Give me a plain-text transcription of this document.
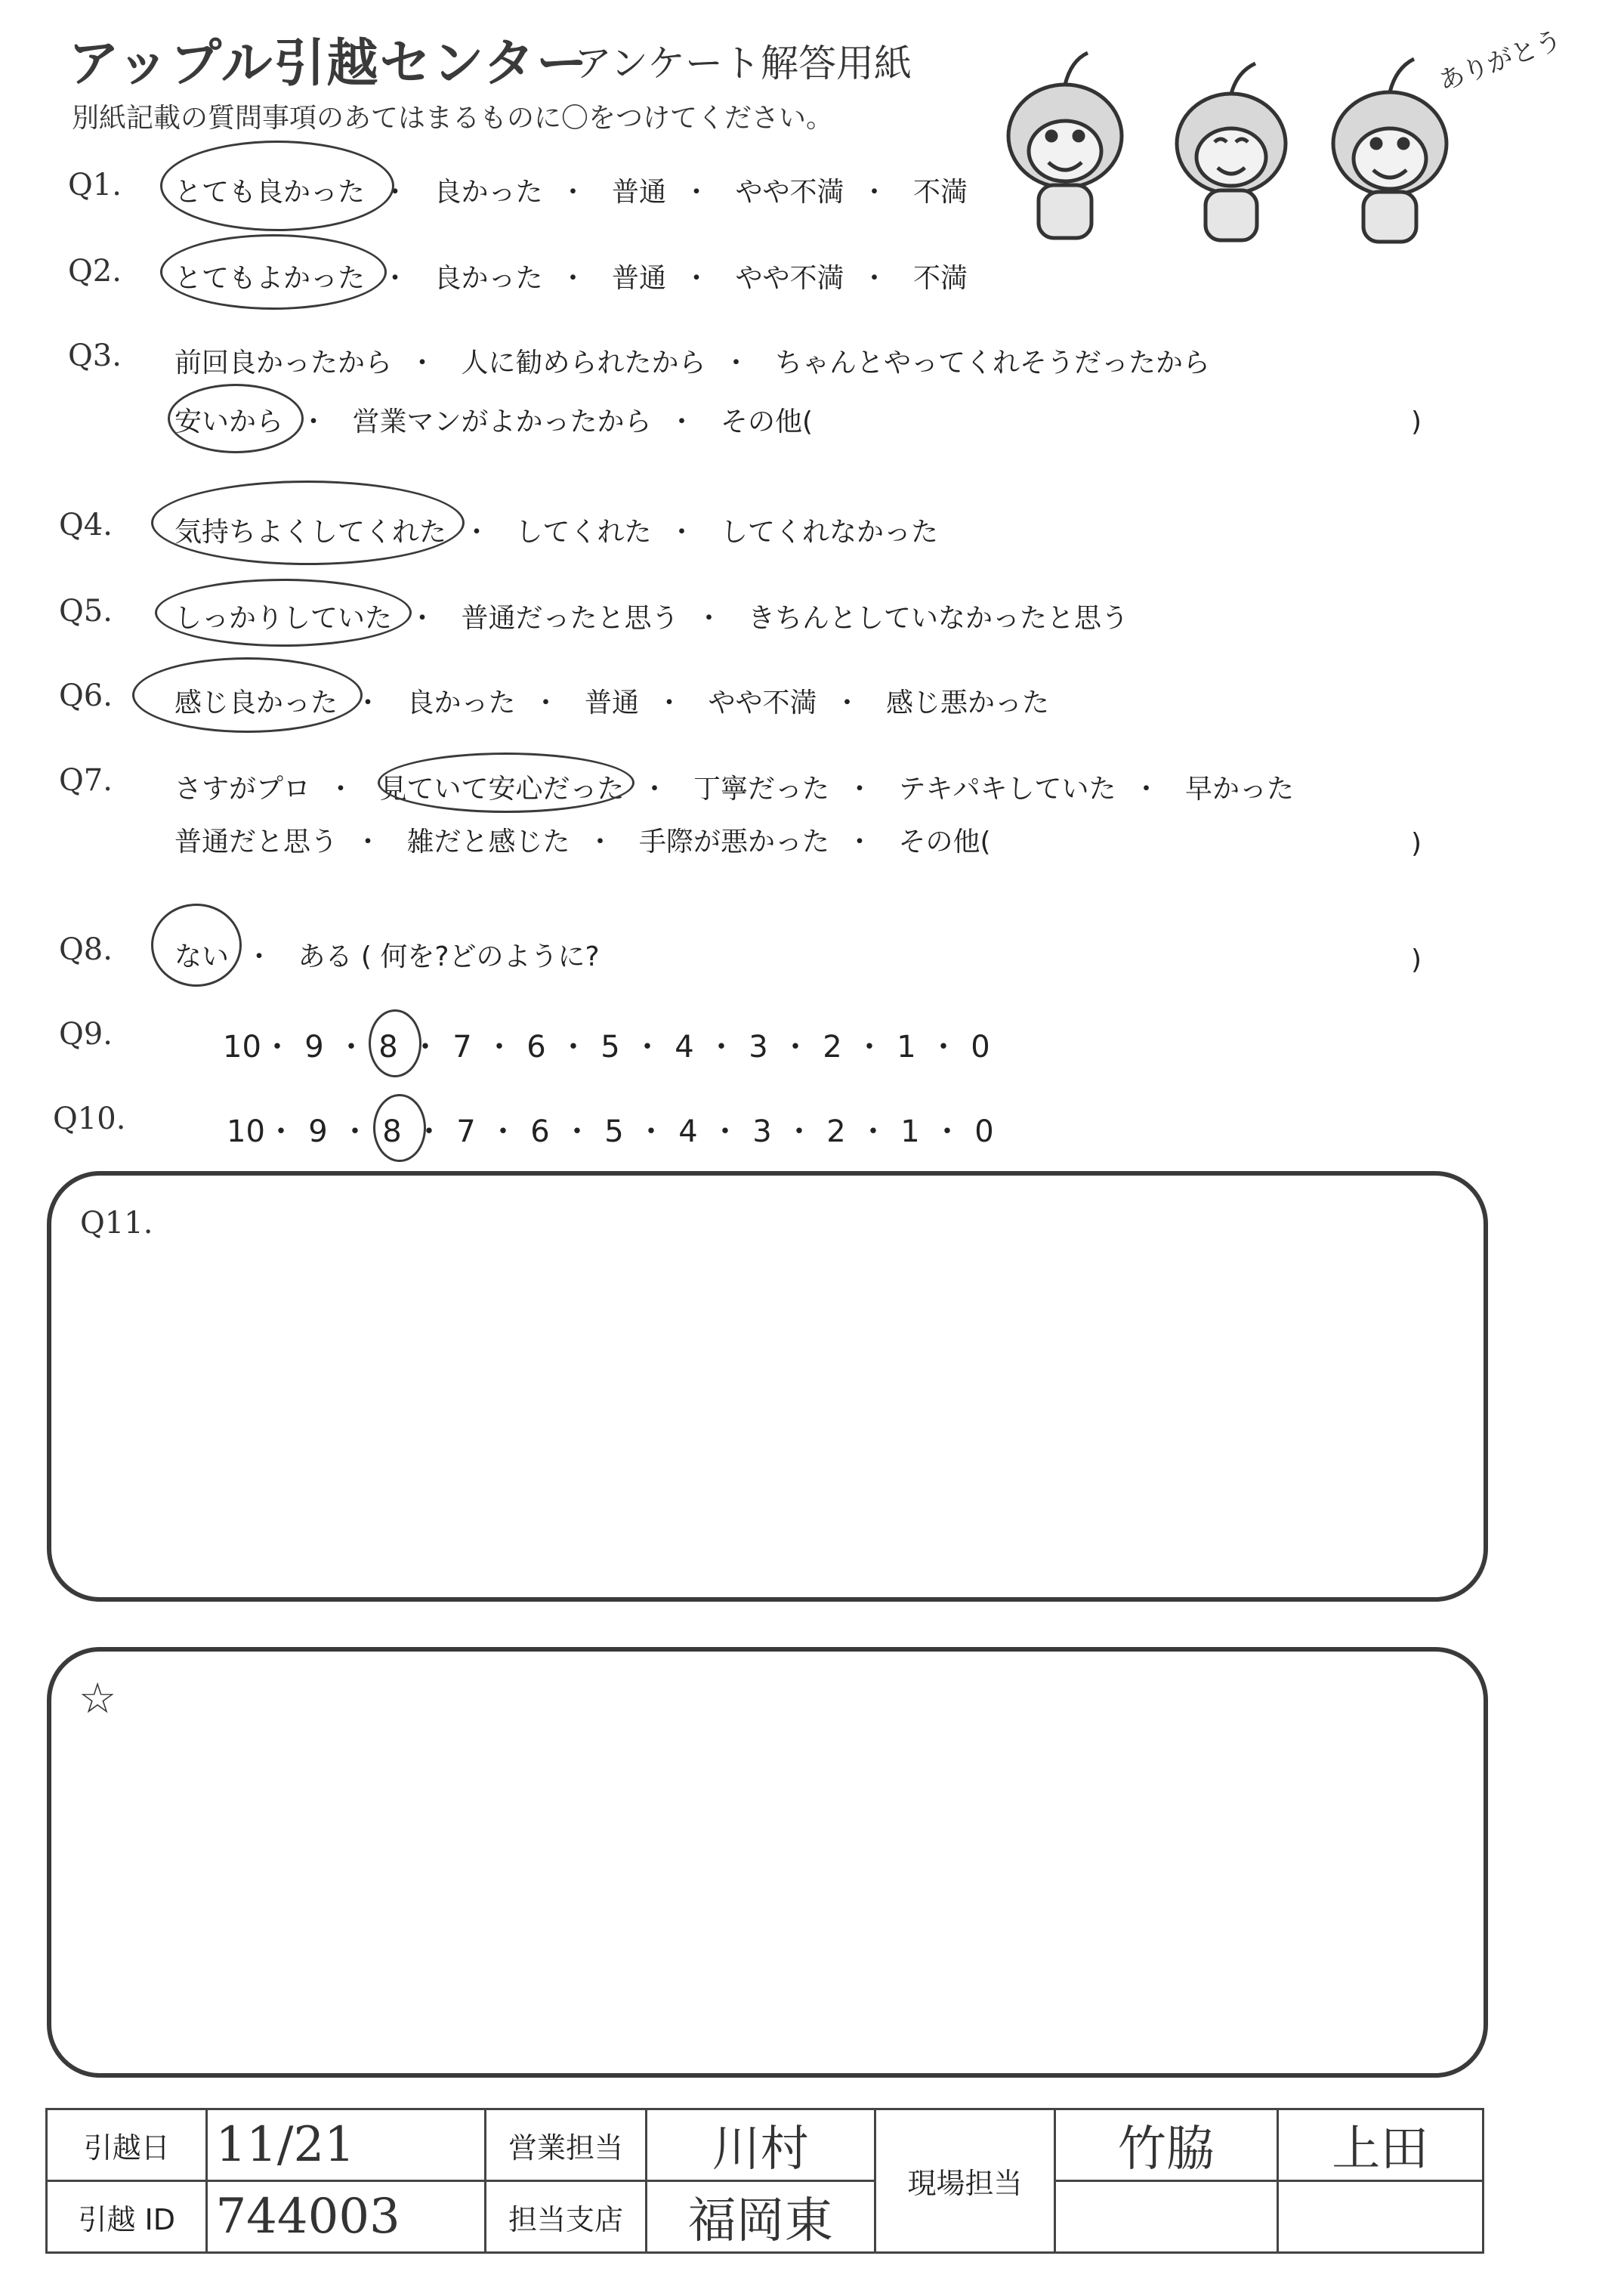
アップル引越センター
アンケート解答用紙
別紙記載の質問事項のあてはまるものに〇をつけてください。
ありがとう
Q1. とても良かった ・ 良かった ・ 普通 ・ やや不満 ・ 不満
Q2. とてもよかった ・ 良かった ・ 普通 ・ やや不満 ・ 不満
Q3. 前回良かったから ・ 人に勧められたから ・ ちゃんとやってくれそうだったから
安いから ・ 営業マンがよかったから ・ その他(	)
Q4. 気持ちよくしてくれた ・ してくれた ・ してくれなかった
Q5. しっかりしていた ・ 普通だったと思う ・ きちんとしていなかったと思う
Q6. 感じ良かった ・ 良かった ・ 普通 ・ やや不満 ・ 感じ悪かった
Q7. さすがプロ ・ 見ていて安心だった ・ 丁寧だった ・ テキパキしていた ・ 早かった
普通だと思う ・ 雑だと感じた ・ 手際が悪かった ・ その他(	)
Q8. ない ・ ある ( 何を?どのように?	)
Q9.	10・ 9 ・ 8 ・ 7 ・ 6 ・ 5 ・ 4 ・ 3 ・ 2 ・ 1 ・ 0
Q10.	10・ 9 ・ 8 ・ 7 ・ 6 ・ 5 ・ 4 ・ 3 ・ 2 ・ 1 ・ 0
Q11.
☆
引越日	11/21	営業担当	川村	現場担当	竹脇	上田
引越 ID	744003	担当支店	福岡東			
